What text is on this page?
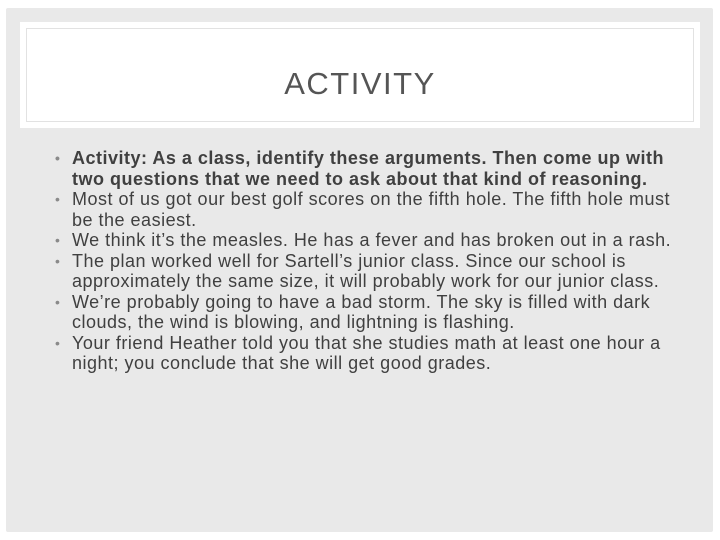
ACTIVITY
• Activity: As a class, identify these arguments. Then come up with two questions that we need to ask about that kind of reasoning.
• Most of us got our best golf scores on the fifth hole. The fifth hole must be the easiest.
• We think it’s the measles. He has a fever and has broken out in a rash.
• The plan worked well for Sartell’s junior class. Since our school is approximately the same size, it will probably work for our junior class.
• We’re probably going to have a bad storm. The sky is filled with dark clouds, the wind is blowing, and lightning is flashing.
• Your friend Heather told you that she studies math at least one hour a night; you conclude that she will get good grades.
